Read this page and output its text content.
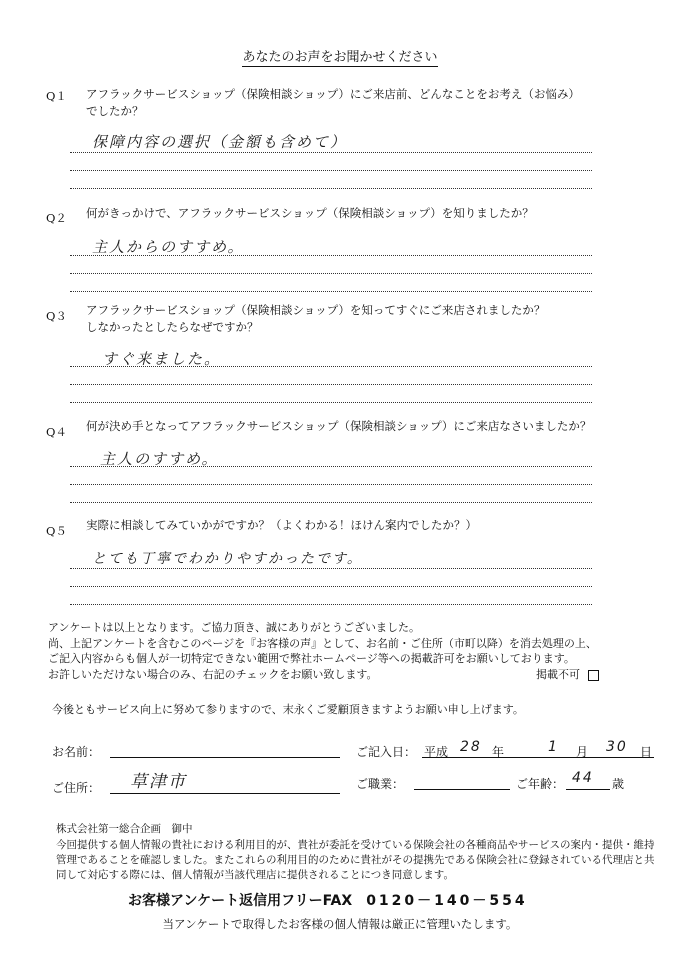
あなたのお声をお聞かせください
Q１ アフラックサービスショップ（保険相談ショップ）にご来店前、どんなことをお考え（お悩み）
でしたか？
保障内容の選択（金額も含めて）
Q２ 何がきっかけで、アフラックサービスショップ（保険相談ショップ）を知りましたか？
主人からのすすめ。
Q３ アフラックサービスショップ（保険相談ショップ）を知ってすぐにご来店されましたか？
しなかったとしたらなぜですか？
すぐ来ました。
Q４ 何が決め手となってアフラックサービスショップ（保険相談ショップ）にご来店なさいましたか？
主人のすすめ。
Q５ 実際に相談してみていかがですか？（よくわかる！ほけん案内でしたか？）
とても丁寧でわかりやすかったです。
アンケートは以上となります。ご協力頂き、誠にありがとうございました。
尚、上記アンケートを含むこのページを『お客様の声』として、お名前・ご住所（市町以降）を消去処理の上、
ご記入内容からも個人が一切特定できない範囲で弊社ホームページ等への掲載許可をお願いしております。
お許しいただけない場合のみ、右記のチェックをお願い致します。	掲載不可
今後ともサービス向上に努めて参りますので、末永くご愛顧頂きますようお願い申し上げます。
お名前：	ご記入日： 平成 28 年	1 月 30 日
ご住所： 草津市	ご職業：	ご年齢： 44 歳
株式会社第一総合企画　御中
今回提供する個人情報の貴社における利用目的が、貴社が委託を受けている保険会社の各種商品やサービスの案内・提供・維持
管理であることを確認しました。またこれらの利用目的のために貴社がその提携先である保険会社に登録されている代理店と共
同して対応する際には、個人情報が当該代理店に提供されることにつき同意します。
お客様アンケート返信用フリーFAX　 0120－140－554
当アンケートで取得したお客様の個人情報は厳正に管理いたします。
